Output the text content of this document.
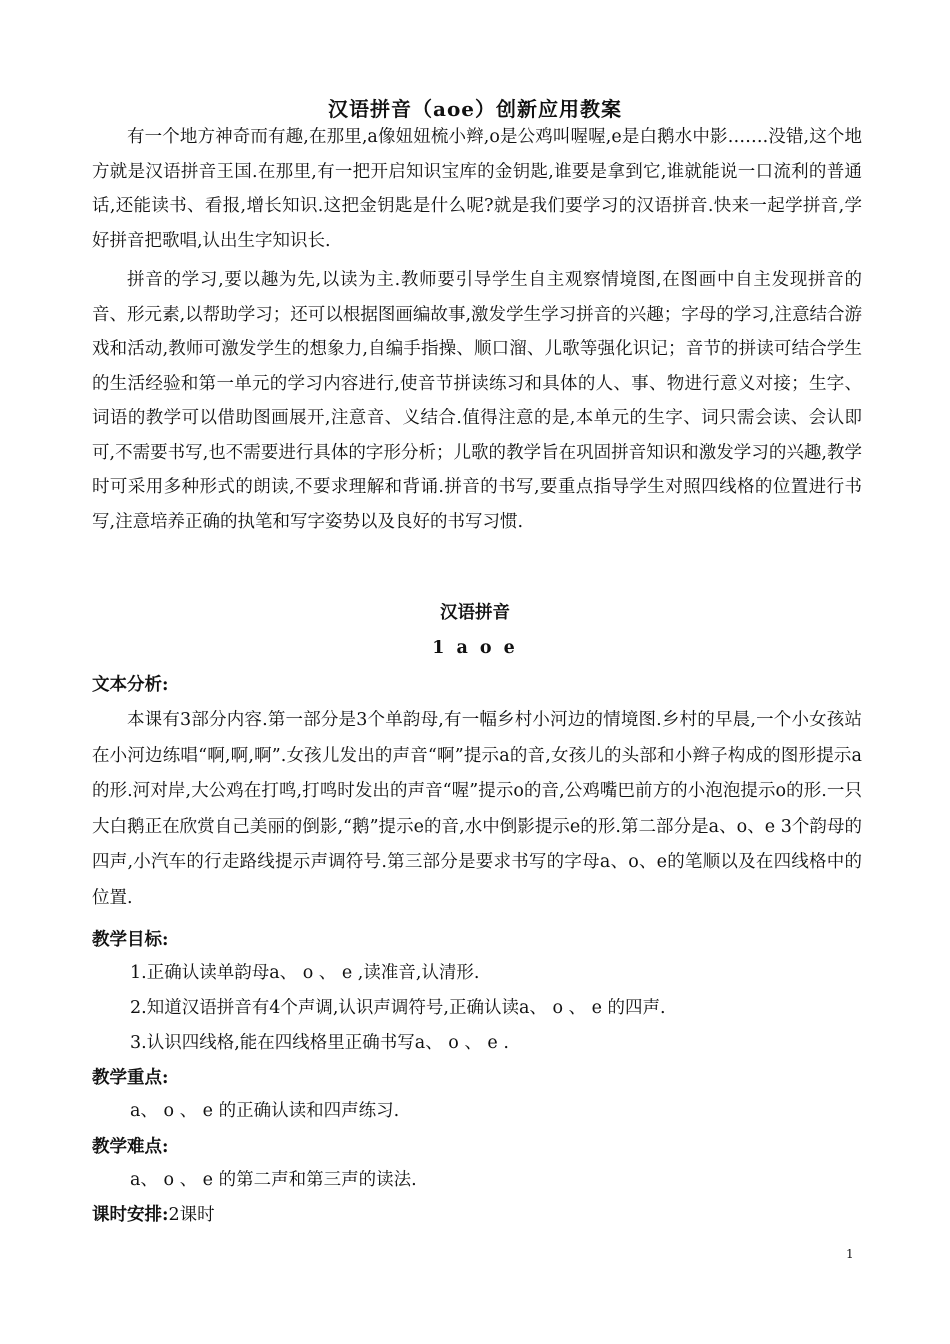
汉语拼音（aoe）创新应用教案

有一个地方神奇而有趣,在那里,a像妞妞梳小辫,o是公鸡叫喔喔,e是白鹅水中影…….没错,这个地方就是汉语拼音王国.在那里,有一把开启知识宝库的金钥匙,谁要是拿到它,谁就能说一口流利的普通话,还能读书、看报,增长知识.这把金钥匙是什么呢?就是我们要学习的汉语拼音.快来一起学拼音,学好拼音把歌唱,认出生字知识长.

拼音的学习,要以趣为先,以读为主.教师要引导学生自主观察情境图,在图画中自主发现拼音的音、形元素,以帮助学习；还可以根据图画编故事,激发学生学习拼音的兴趣；字母的学习,注意结合游戏和活动,教师可激发学生的想象力,自编手指操、顺口溜、儿歌等强化识记；音节的拼读可结合学生的生活经验和第一单元的学习内容进行,使音节拼读练习和具体的人、事、物进行意义对接；生字、词语的教学可以借助图画展开,注意音、义结合.值得注意的是,本单元的生字、词只需会读、会认即可,不需要书写,也不需要进行具体的字形分析；儿歌的教学旨在巩固拼音知识和激发学习的兴趣,教学时可采用多种形式的朗读,不要求理解和背诵.拼音的书写,要重点指导学生对照四线格的位置进行书写,注意培养正确的执笔和写字姿势以及良好的书写习惯.

汉语拼音
1 a o e

文本分析:

本课有3部分内容.第一部分是3个单韵母,有一幅乡村小河边的情境图.乡村的早晨,一个小女孩站在小河边练唱“啊,啊,啊”.女孩儿发出的声音“啊”提示a的音,女孩儿的头部和小辫子构成的图形提示a的形.河对岸,大公鸡在打鸣,打鸣时发出的声音“喔”提示o的音,公鸡嘴巴前方的小泡泡提示o的形.一只大白鹅正在欣赏自己美丽的倒影,“鹅”提示e的音,水中倒影提示e的形.第二部分是a、o、e 3个韵母的四声,小汽车的行走路线提示声调符号.第三部分是要求书写的字母a、o、e的笔顺以及在四线格中的位置.

教学目标:

1.正确认读单韵母a、 o 、 e ,读准音,认清形.

2.知道汉语拼音有4个声调,认识声调符号,正确认读a、 o 、 e 的四声.

3.认识四线格,能在四线格里正确书写a、 o 、 e .

教学重点:

a、 o 、 e 的正确认读和四声练习.

教学难点:

a、 o 、 e 的第二声和第三声的读法.

课时安排:2课时

1
